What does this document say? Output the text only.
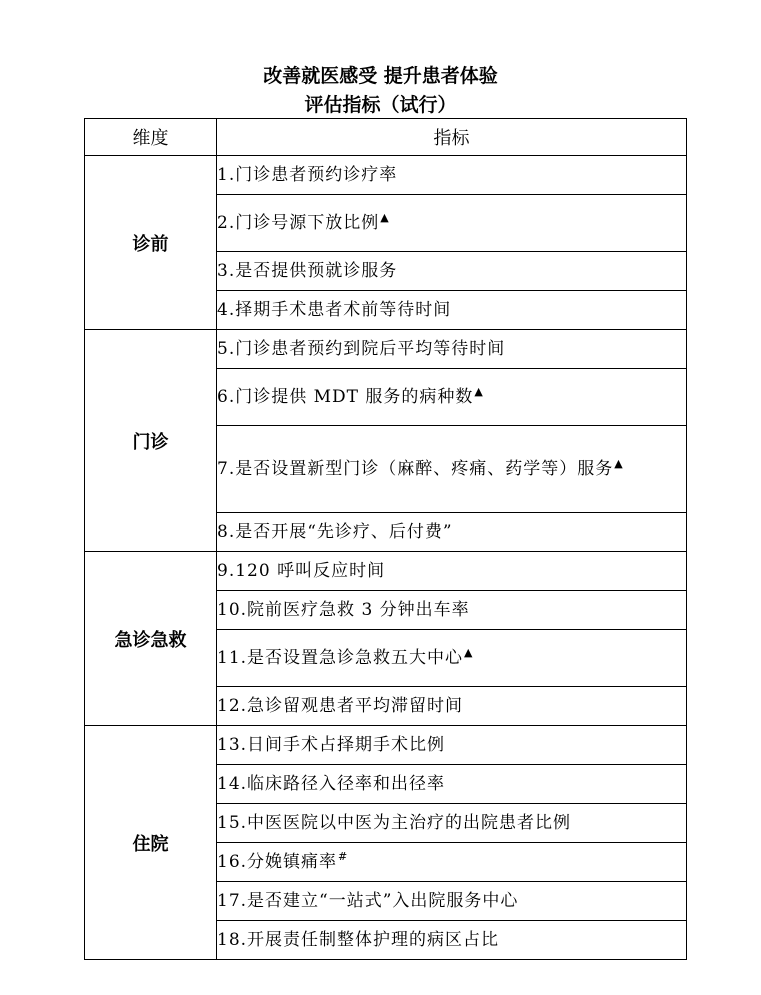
改善就医感受 提升患者体验
评估指标（试行）
维度	指标
诊前	1.门诊患者预约诊疗率
	2.门诊号源下放比例▲
	3.是否提供预就诊服务
	4.择期手术患者术前等待时间
门诊	5.门诊患者预约到院后平均等待时间
	6.门诊提供 MDT 服务的病种数▲
	7.是否设置新型门诊（麻醉、疼痛、药学等）服务▲
	8.是否开展“先诊疗、后付费”
急诊急救	9.120 呼叫反应时间
	10.院前医疗急救 3 分钟出车率
	11.是否设置急诊急救五大中心▲
	12.急诊留观患者平均滞留时间
住院	13.日间手术占择期手术比例
	14.临床路径入径率和出径率
	15.中医医院以中医为主治疗的出院患者比例
	16.分娩镇痛率#
	17.是否建立“一站式”入出院服务中心
	18.开展责任制整体护理的病区占比
